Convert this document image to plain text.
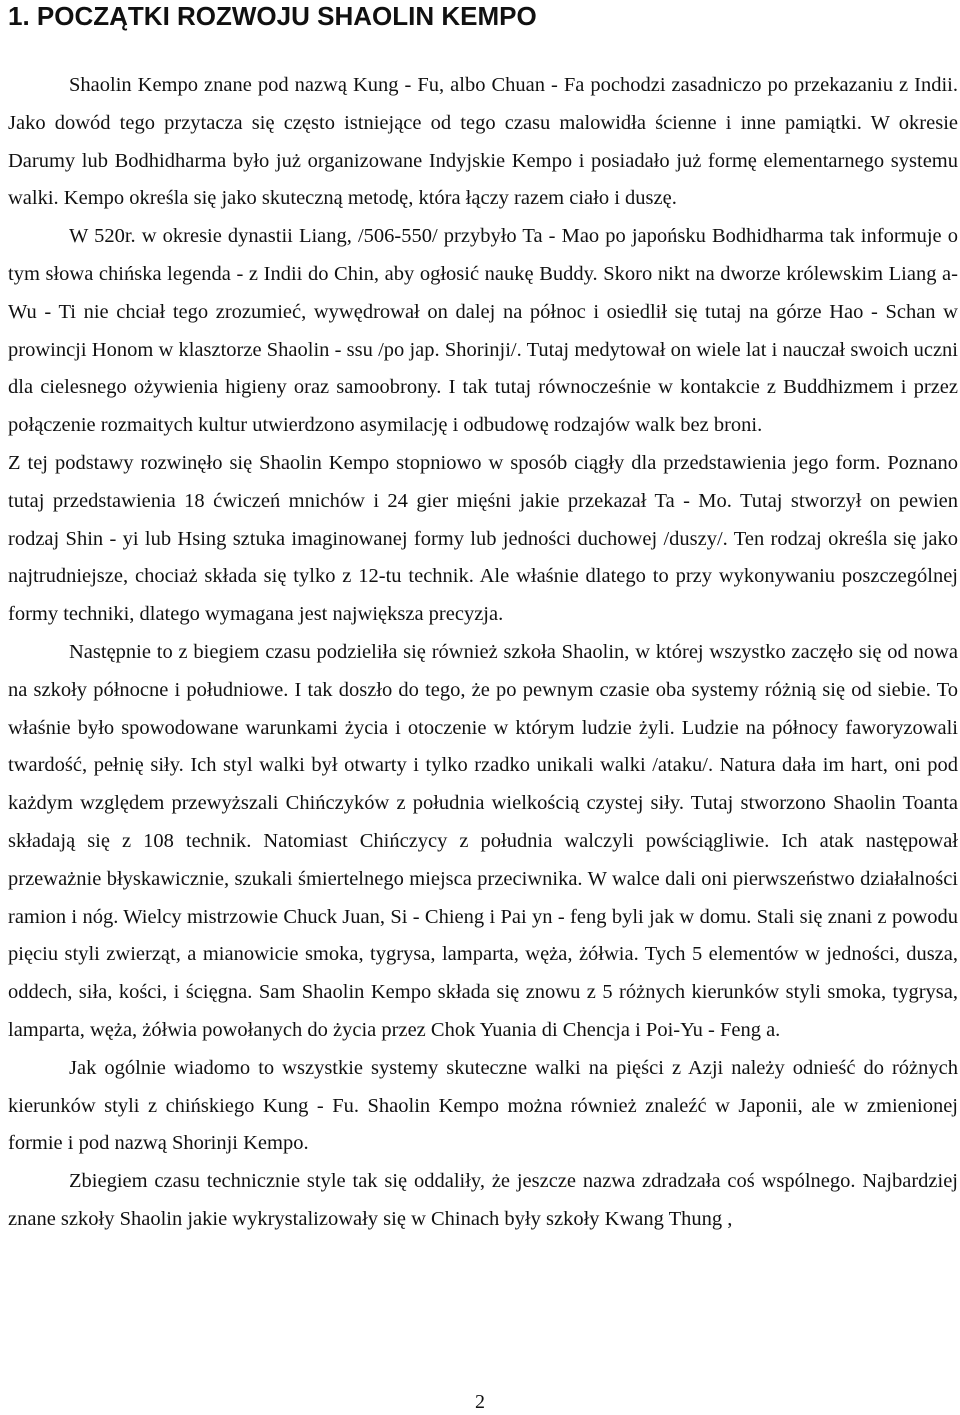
1. POCZĄTKI ROZWOJU SHAOLIN KEMPO

Shaolin Kempo znane pod nazwą Kung - Fu, albo Chuan - Fa pochodzi zasadniczo po przekazaniu z Indii. Jako dowód tego przytacza się często istniejące od tego czasu malowidła ścienne i inne pamiątki. W okresie Darumy lub Bodhidharma było już organizowane Indyjskie Kempo i posiadało już formę elementarnego systemu walki. Kempo określa się jako skuteczną metodę, która łączy razem ciało i duszę.

W 520r. w okresie dynastii Liang, /506-550/ przybyło Ta - Mao po japońsku Bodhidharma tak informuje o tym słowa chińska legenda - z Indii do Chin, aby ogłosić naukę Buddy. Skoro nikt na dworze królewskim Liang a-Wu - Ti nie chciał tego zrozumieć, wywędrował on dalej na północ i osiedlił się tutaj na górze Hao - Schan w prowincji Honom w klasztorze Shaolin - ssu /po jap. Shorinji/. Tutaj medytował on wiele lat i nauczał swoich uczni dla cielesnego ożywienia higieny oraz samoobrony. I tak tutaj równocześnie w kontakcie z Buddhizmem i przez połączenie rozmaitych kultur utwierdzono asymilację i odbudowę rodzajów walk bez broni.

Z tej podstawy rozwinęło się Shaolin Kempo stopniowo w sposób ciągły dla przedstawienia jego form. Poznano tutaj przedstawienia 18 ćwiczeń mnichów i 24 gier mięśni jakie przekazał Ta - Mo. Tutaj stworzył on pewien rodzaj Shin - yi lub Hsing sztuka imaginowanej formy lub jedności duchowej /duszy/. Ten rodzaj określa się jako najtrudniejsze, chociaż składa się tylko z 12-tu technik. Ale właśnie dlatego to przy wykonywaniu poszczególnej formy techniki, dlatego wymagana jest największa precyzja.

Następnie to z biegiem czasu podzieliła się również szkoła Shaolin, w której wszystko zaczęło się od nowa na szkoły północne i południowe. I tak doszło do tego, że po pewnym czasie oba systemy różnią się od siebie. To właśnie było spowodowane warunkami życia i otoczenie w którym ludzie żyli. Ludzie na północy faworyzowali twardość, pełnię siły. Ich styl walki był otwarty i tylko rzadko unikali walki /ataku/. Natura dała im hart, oni pod każdym względem przewyższali Chińczyków z południa wielkością czystej siły. Tutaj stworzono Shaolin Toanta składają się z 108 technik. Natomiast Chińczycy z południa walczyli powściągliwie. Ich atak następował przeważnie błyskawicznie, szukali śmiertelnego miejsca przeciwnika. W walce dali oni pierwszeństwo działalności ramion i nóg. Wielcy mistrzowie Chuck Juan, Si - Chieng i Pai yn - feng byli jak w domu. Stali się znani z powodu pięciu styli zwierząt, a mianowicie smoka, tygrysa, lamparta, węża, żółwia. Tych 5 elementów w jedności, dusza, oddech, siła, kości, i ścięgna. Sam Shaolin Kempo składa się znowu z 5 różnych kierunków styli smoka, tygrysa, lamparta, węża, żółwia powołanych do życia przez Chok Yuania di Chencja i Poi-Yu - Feng a.

Jak ogólnie wiadomo to wszystkie systemy skuteczne walki na pięści z Azji należy odnieść do różnych kierunków styli z chińskiego Kung - Fu. Shaolin Kempo można również znaleźć w Japonii, ale w zmienionej formie i pod nazwą Shorinji Kempo.

Zbiegiem czasu technicznie style tak się oddaliły, że jeszcze nazwa zdradzała coś wspólnego. Najbardziej znane szkoły Shaolin jakie wykrystalizowały się w Chinach były szkoły Kwang Thung ,

2
